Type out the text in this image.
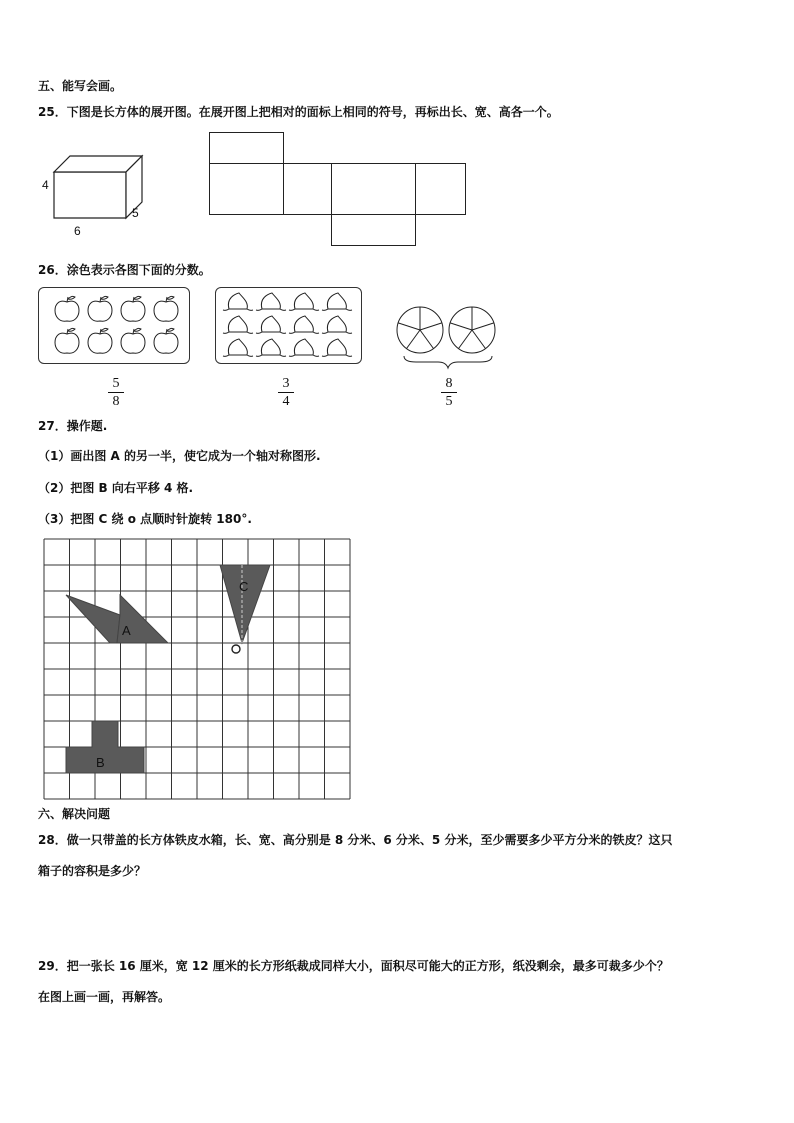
五、能写会画。
25．下图是长方体的展开图。在展开图上把相对的面标上相同的符号，再标出长、宽、高各一个。
4
6
5
26．涂色表示各图下面的分数。
5
8
3
4
8
5
27．操作题.
（1）画出图 A 的另一半，使它成为一个轴对称图形.
（2）把图 B 向右平移 4 格.
（3）把图 C 绕 o 点顺时针旋转 180°.
A
B
C
六、解决问题
28．做一只带盖的长方体铁皮水箱，长、宽、高分别是 8 分米、6 分米、5 分米，至少需要多少平方分米的铁皮？这只
箱子的容积是多少？
29．把一张长 16 厘米，宽 12 厘米的长方形纸裁成同样大小，面积尽可能大的正方形，纸没剩余，最多可裁多少个？
在图上画一画，再解答。
